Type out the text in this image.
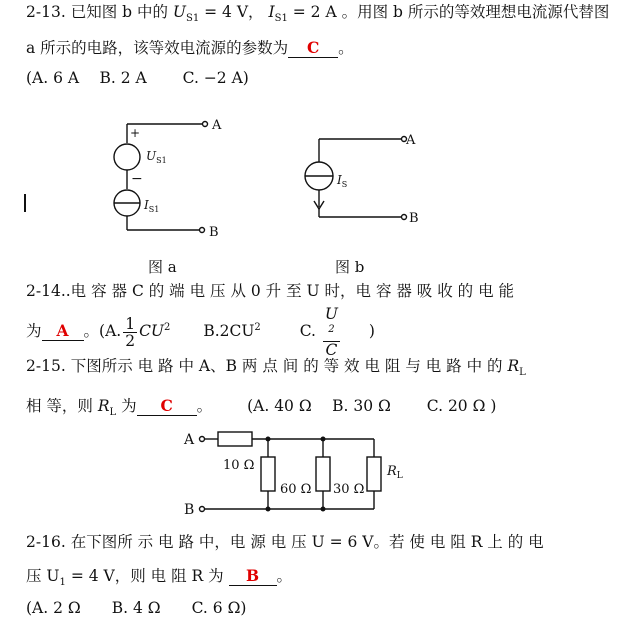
2-13. 已知图 b 中的 $U_{S1} = 4$ V， $I_{S1} = 2$ A 。用图 b 所示的等效理想电流源代替图
a 所示的电路，该等效电流源的参数为 C 。
(A. 6 A　 B. 2 A　　 C. −2 A)
+
−
A
B
$U_{S1}$
$I_{S1}$
A
B
$I_S$
图 a	图 b
2-14..电 容 器 C 的 端 电 压 从 0 升 至 U 时，电 容 器 吸 收 的 电 能
为 A 。(A. $\frac{1}{2} CU^2$ $B.2CU^2$	C. U
$^2$
C )
2-15. 下图所示 电 路 中 A、B 两 点 间 的 等 效 电 阻 与 电 路 中 的 $R_L$
相 等，则 $R_L$ 为 C 。 (A. 40 Ω　 B. 30 Ω　　 C. 20 Ω )
A
B
10 Ω
60 Ω 30 Ω
$R_L$
2-16. 在下图所 示 电 路 中，电 源 电 压 U = 6 V。若 使 电 阻 R 上 的 电
压 $U_1 = 4$ V，则 电 阻 R 为 B 。
(A. 2 Ω　　B. 4 Ω　　C. 6 Ω)
